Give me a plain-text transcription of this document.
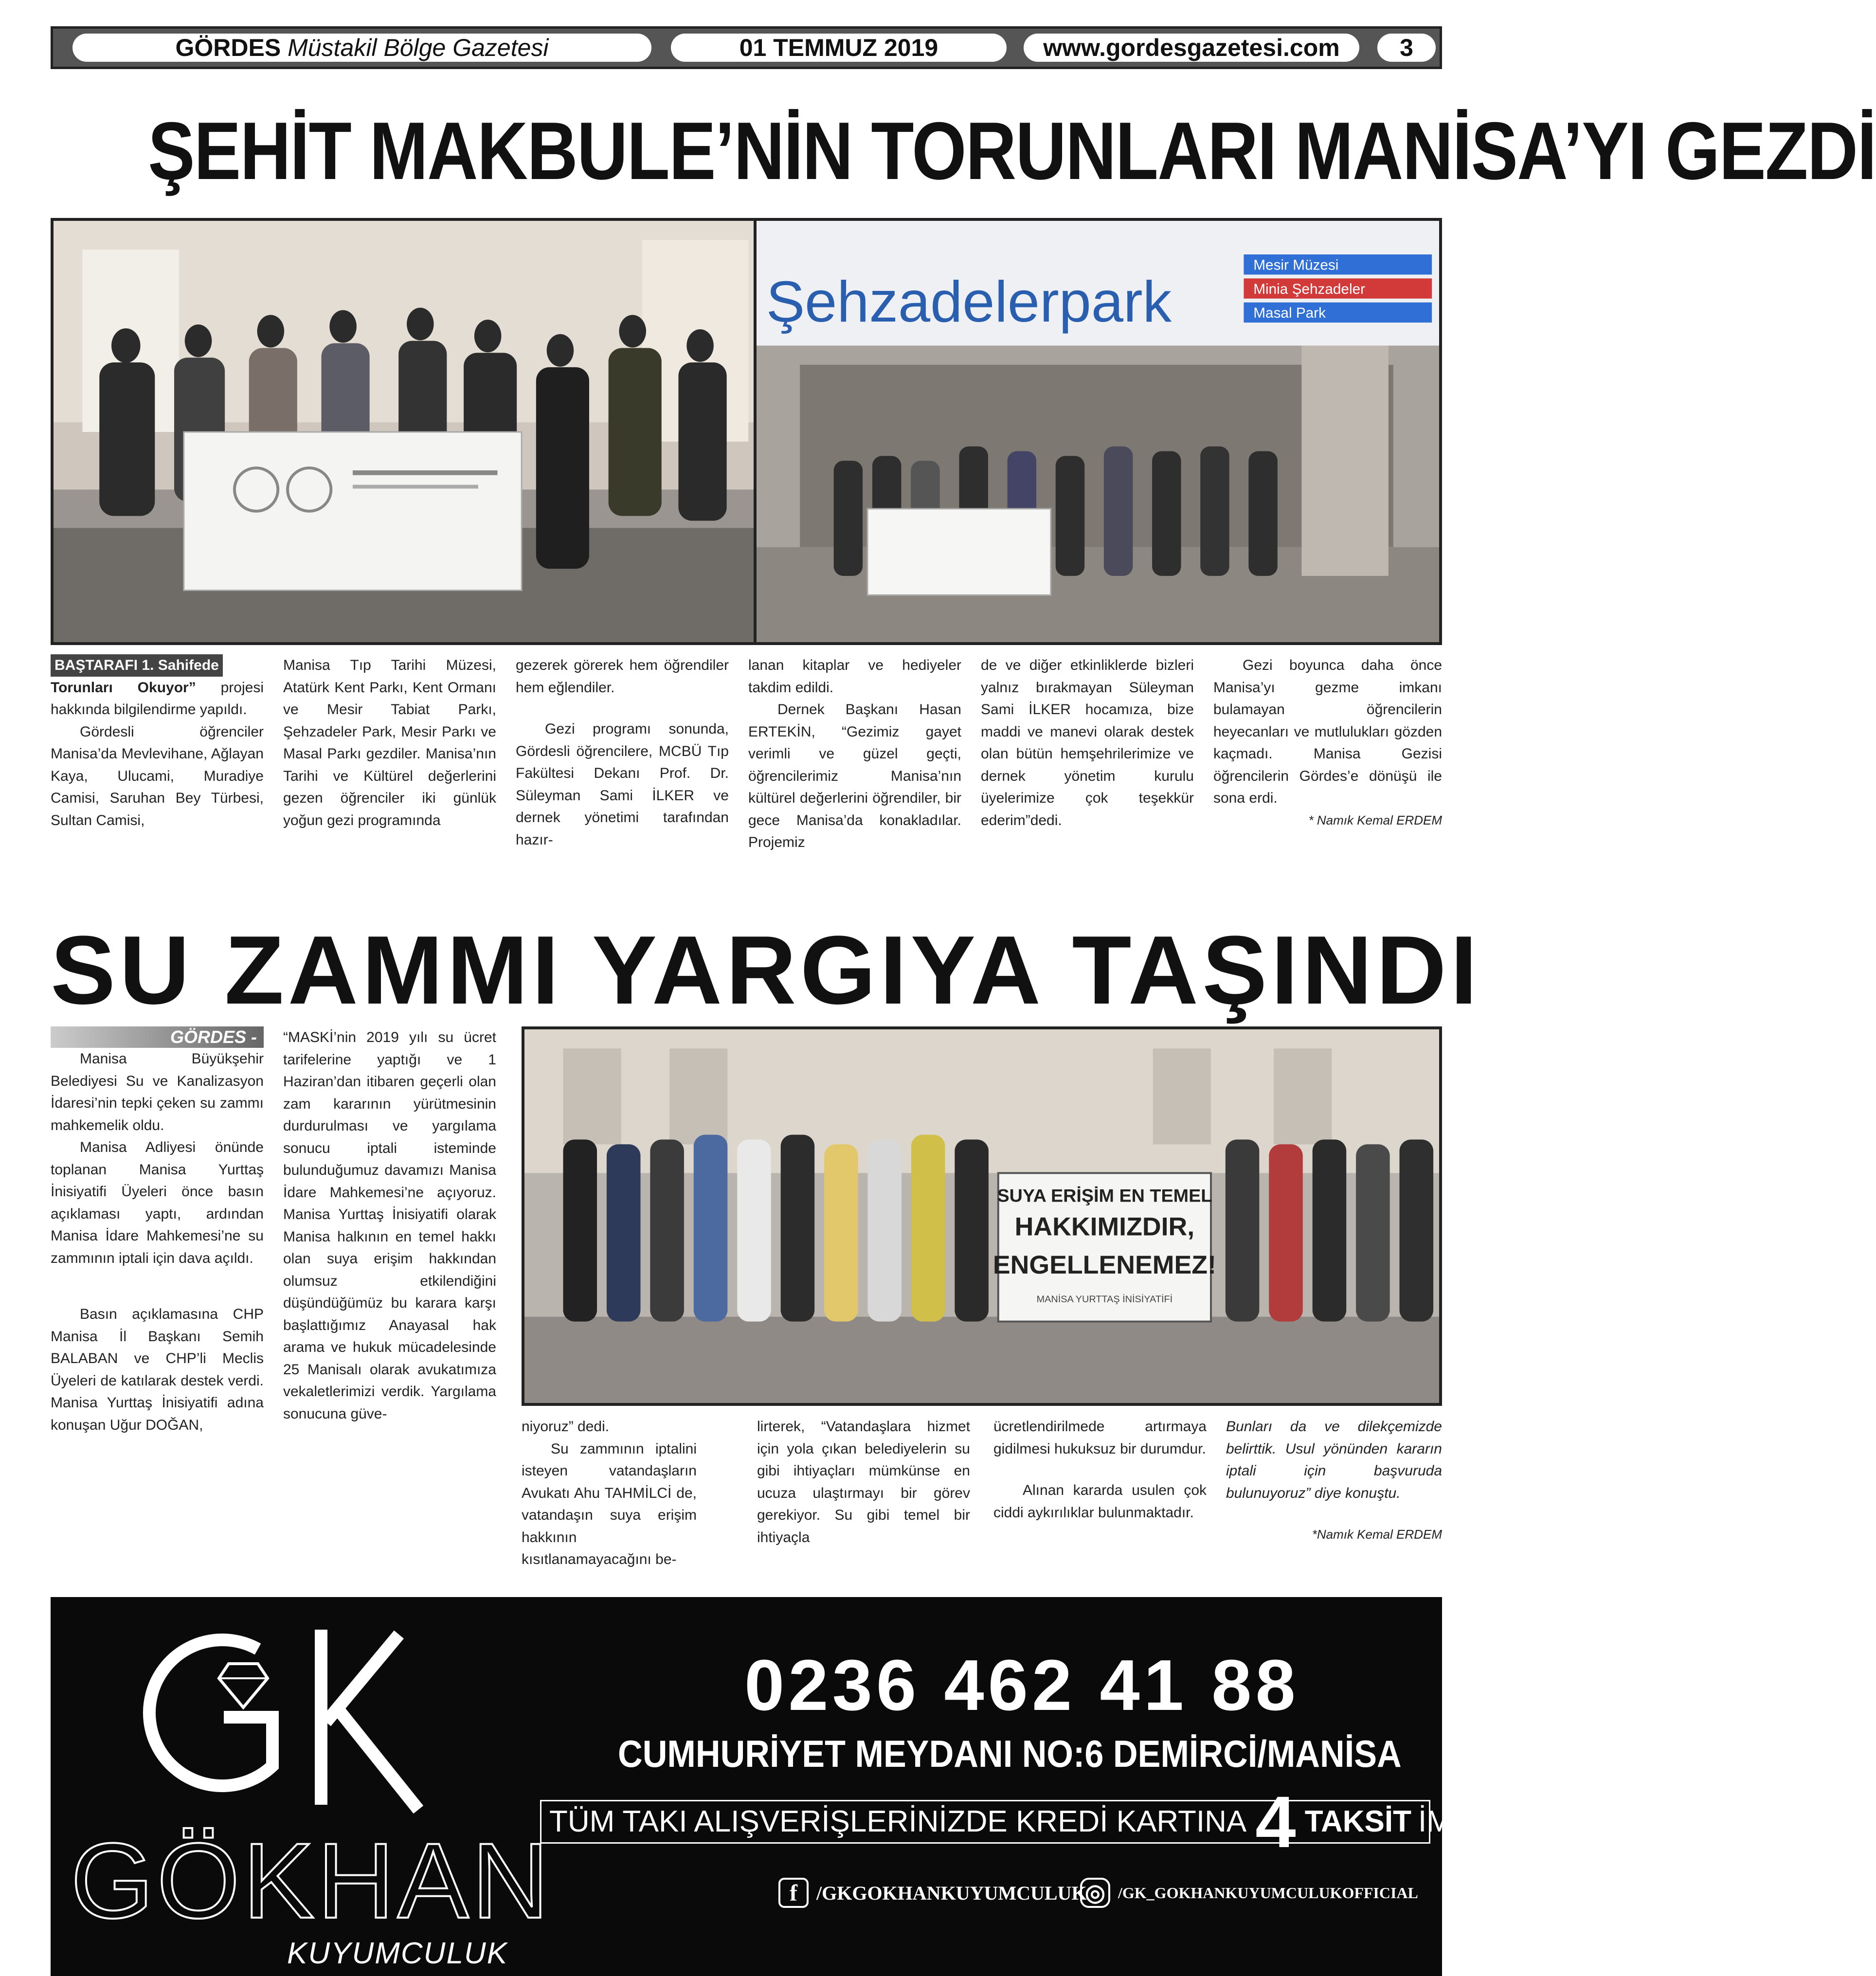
GÖRDES Müstakil Bölge Gazetesi	01 TEMMUZ 2019	www.gordesgazetesi.com	3
ŞEHİT MAKBULE’NİN TORUNLARI MANİSA’YI GEZDİ
Şehzadelerpark
Mesir Müzesi
Minia Şehzadeler
Masal Park

BAŞTARAFI 1. Sahifede Torunları Okuyor” projesi hakkında bilgilendirme yapıldı.

Gördesli öğrenciler Manisa’da Mevlevihane, Ağlayan Kaya, Ulucami, Muradiye Camisi, Saruhan Bey Türbesi, Sultan Camisi,

Manisa Tıp Tarihi Müzesi, Atatürk Kent Parkı, Kent Ormanı ve Mesir Tabiat Parkı, Şehzadeler Park, Mesir Parkı ve Masal Parkı gezdiler. Manisa’nın Tarihi ve Kültürel değerlerini gezen öğrenciler iki günlük yoğun gezi programında

gezerek görerek hem öğrendiler hem eğlendiler.

Gezi programı sonunda, Gördesli öğrencilere, MCBÜ Tıp Fakültesi Dekanı Prof. Dr. Süleyman Sami İLKER ve dernek yönetimi tarafından hazır-

lanan kitaplar ve hediyeler takdim edildi.

Dernek Başkanı Hasan ERTEKİN, “Gezimiz gayet verimli ve güzel geçti, öğrencilerimiz Manisa’nın kültürel değerlerini öğrendiler, bir gece Manisa’da konakladılar. Projemiz

de ve diğer etkinliklerde bizleri yalnız bırakmayan Süleyman Sami İLKER hocamıza, bize maddi ve manevi olarak destek olan bütün hemşehrilerimize ve dernek yönetim kurulu üyelerimize çok teşekkür ederim”dedi.

Gezi boyunca daha önce Manisa’yı gezme imkanı bulamayan öğrencilerin heyecanları ve mutlulukları gözden kaçmadı. Manisa Gezisi öğrencilerin Gördes’e dönüşü ile sona erdi.

* Namık Kemal ERDEM

SU ZAMMI YARGIYA TAŞINDI
GÖRDES -

Manisa Büyükşehir Belediyesi Su ve Kanalizasyon İdaresi’nin tepki çeken su zammı mahkemelik oldu.

Manisa Adliyesi önünde toplanan Manisa Yurttaş İnisiyatifi Üyeleri önce basın açıklaması yaptı, ardından Manisa İdare Mahkemesi’ne su zammının iptali için dava açıldı.

Basın açıklamasına CHP Manisa İl Başkanı Semih BALABAN ve CHP’li Meclis Üyeleri de katılarak destek verdi. Manisa Yurttaş İnisiyatifi adına konuşan Uğur DOĞAN,

“MASKİ’nin 2019 yılı su ücret tarifelerine yaptığı ve 1 Haziran’dan itibaren geçerli olan zam kararının yürütmesinin durdurulması ve yargılama sonucu iptali isteminde bulunduğumuz davamızı Manisa İdare Mahkemesi’ne açıyoruz. Manisa Yurttaş İnisiyatifi olarak Manisa halkının en temel hakkı olan suya erişim hakkından olumsuz etkilendiğini düşündüğümüz bu karara karşı başlattığımız Anayasal hak arama ve hukuk mücadelesinde 25 Manisalı olarak avukatımıza vekaletlerimizi verdik. Yargılama sonucuna güve-

SUYA ERİŞİM EN TEMEL
HAKKIMIZDIR,
ENGELLENEMEZ!
MANİSA YURTTAŞ İNİSİYATİFİ

niyoruz” dedi.

Su zammının iptalini isteyen vatandaşların Avukatı Ahu TAHMİLCİ de, vatandaşın suya erişim hakkının kısıtlanamayacağını be-

lirterek, “Vatandaşlara hizmet için yola çıkan belediyelerin su gibi ihtiyaçları mümkünse en ucuza ulaştırmayı bir görev gerekiyor. Su gibi temel bir ihtiyaçla

ücretlendirilmede artırmaya gidilmesi hukuksuz bir durumdur.

Alınan kararda usulen çok ciddi aykırılıklar bulunmaktadır.

Bunları da ve dilekçemizde belirttik. Usul yönünden kararın iptali için başvuruda bulunuyoruz” diye konuştu.

*Namık Kemal ERDEM

GÖKHAN
KUYUMCULUK
0236 462 41 88
CUMHURİYET MEYDANI NO:6 DEMİRCİ/MANİSA
TÜM TAKI ALIŞVERİŞLERİNİZDE KREDİ KARTINA 4 TAKSİT İMKANI
f /GKGOKHANKUYUMCULUK
◎ /GK_GOKHANKUYUMCULUKOFFICIAL
